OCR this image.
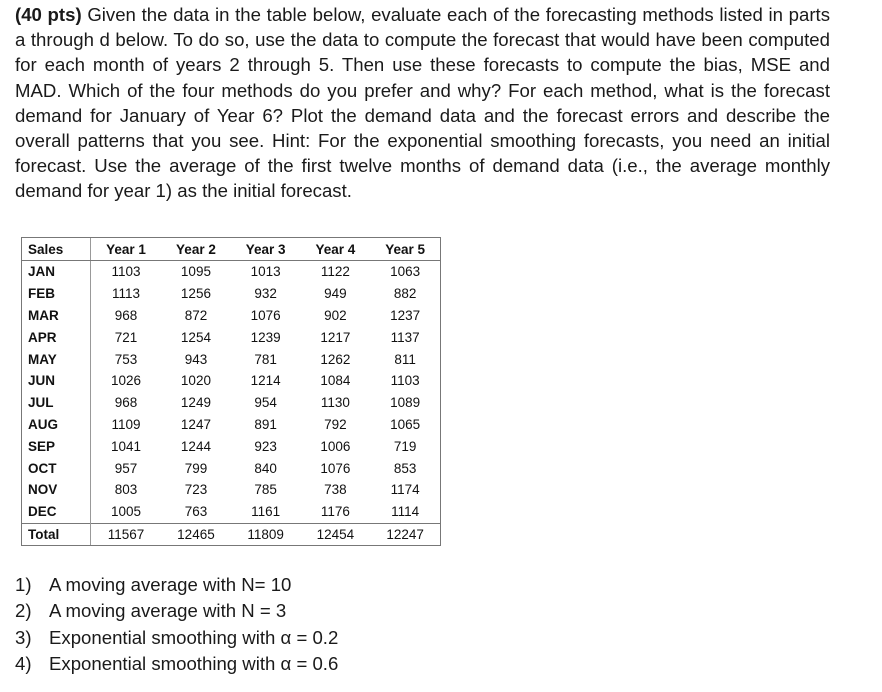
(40 pts) Given the data in the table below, evaluate each of the forecasting methods listed in parts a through d below. To do so, use the data to compute the forecast that would have been computed for each month of years 2 through 5. Then use these forecasts to compute the bias, MSE and MAD. Which of the four methods do you prefer and why? For each method, what is the forecast demand for January of Year 6? Plot the demand data and the forecast errors and describe the overall patterns that you see. Hint: For the exponential smoothing forecasts, you need an initial forecast. Use the average of the first twelve months of demand data (i.e., the average monthly demand for year 1) as the initial forecast.
Sales	Year 1	Year 2	Year 3	Year 4	Year 5
JAN	1103	1095	1013	1122	1063
FEB	1113	1256	932	949	882
MAR	968	872	1076	902	1237
APR	721	1254	1239	1217	1137
MAY	753	943	781	1262	811
JUN	1026	1020	1214	1084	1103
JUL	968	1249	954	1130	1089
AUG	1109	1247	891	792	1065
SEP	1041	1244	923	1006	719
OCT	957	799	840	1076	853
NOV	803	723	785	738	1174
DEC	1005	763	1161	1176	1114
Total	11567	12465	11809	12454	12247
1) A moving average with N= 10
2) A moving average with N = 3
3) Exponential smoothing with α = 0.2
4) Exponential smoothing with α = 0.6
